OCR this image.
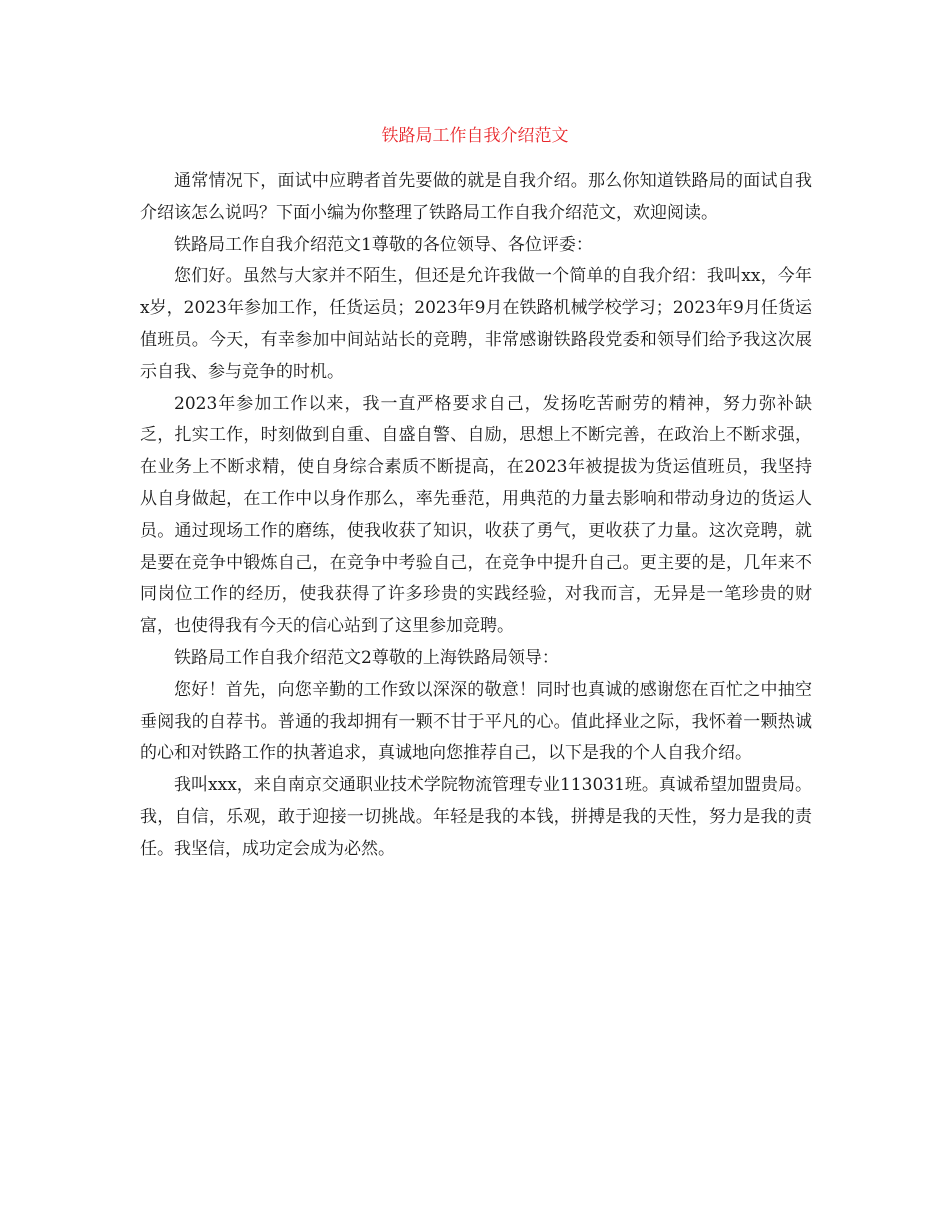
铁路局工作自我介绍范文

通常情况下，面试中应聘者首先要做的就是自我介绍。那么你知道铁路局的面试自我介绍该怎么说吗？下面小编为你整理了铁路局工作自我介绍范文，欢迎阅读。

铁路局工作自我介绍范文1尊敬的各位领导、各位评委：

您们好。虽然与大家并不陌生，但还是允许我做一个简单的自我介绍：我叫xx，今年x岁，2023年参加工作，任货运员；2023年9月在铁路机械学校学习；2023年9月任货运值班员。今天，有幸参加中间站站长的竞聘，非常感谢铁路段党委和领导们给予我这次展示自我、参与竞争的时机。

2023年参加工作以来，我一直严格要求自己，发扬吃苦耐劳的精神，努力弥补缺乏，扎实工作，时刻做到自重、自盛自警、自励，思想上不断完善，在政治上不断求强，在业务上不断求精，使自身综合素质不断提高，在2023年被提拔为货运值班员，我坚持从自身做起，在工作中以身作那么，率先垂范，用典范的力量去影响和带动身边的货运人员。通过现场工作的磨练，使我收获了知识，收获了勇气，更收获了力量。这次竞聘，就是要在竞争中锻炼自己，在竞争中考验自己，在竞争中提升自己。更主要的是，几年来不同岗位工作的经历，使我获得了许多珍贵的实践经验，对我而言，无异是一笔珍贵的财富，也使得我有今天的信心站到了这里参加竞聘。

铁路局工作自我介绍范文2尊敬的上海铁路局领导：

您好！首先，向您辛勤的工作致以深深的敬意！同时也真诚的感谢您在百忙之中抽空垂阅我的自荐书。普通的我却拥有一颗不甘于平凡的心。值此择业之际，我怀着一颗热诚的心和对铁路工作的执著追求，真诚地向您推荐自己，以下是我的个人自我介绍。

我叫xxx，来自南京交通职业技术学院物流管理专业113031班。真诚希望加盟贵局。我，自信，乐观，敢于迎接一切挑战。年轻是我的本钱，拼搏是我的天性，努力是我的责任。我坚信，成功定会成为必然。
